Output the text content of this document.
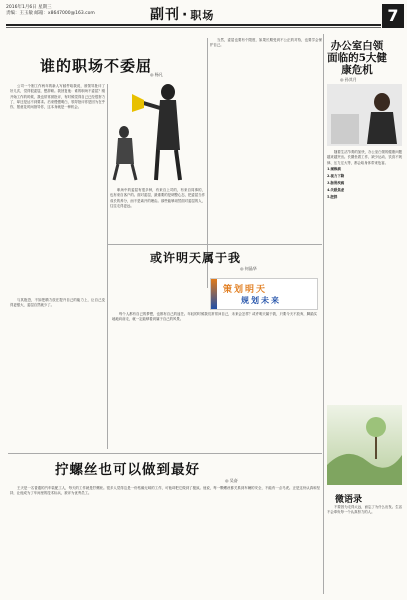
2016年1月6日 星期三
责编：王玉敏 邮箱：x8647000@163.com	副刊 · 职场	7
谁的职场不委屈
◎ 杨凡

公司一个刚工作两年的新人写邮件给我说，被领导批评了好几次，觉得很委屈，想辞职。我回复他：谁的职场不委屈？刚开始工作的时候，我也常常被批评，有时候觉得自己已经很努力了，却还是达不到要求。后来慢慢明白，领导批评你是因为在乎你，愿意花时间指导你，这本身就是一种机会。

职场中的委屈有很多种，有来自上司的，有来自同事的，也有来自客户的。面对委屈，最重要的是调整心态，把委屈当作成长的养分，而不是离开的理由。那些能够坦然面对委屈的人，往往走得更远。

当然，委屈也要有个限度，如果长期受到不公正的对待，也要学会保护自己。

与其抱怨，不如把精力放在提升自己的能力上，让自己变得更强大，委屈自然就少了。

或许明天属于我
◎ 何晶华
策划明天
规划未来

每个人都有自己的梦想，也都有自己的迷茫。年轻的时候我们常常问自己，未来会怎样？或许明天属于我，只要今天不放弃，脚踏实地地向前走，就一定能够看到属于自己的风景。

拧螺丝也可以做到最好
◎ 吴奋

王天是一名普通的汽车装配工人，每天的工作就是拧螺丝。很多人觉得这是一份枯燥无味的工作，可他却把它做到了极致。他说，每一颗螺丝都关系到车辆的安全，不能有一点马虎。正是这份认真和坚持，让他成为了车间里的技术标兵，被评为优秀员工。

办公室白领面临的5大健康危机
◎ 孙其月

随着生活节奏的加快，办公室白领的健康问题越来越突出。长期坐着工作、缺少运动、饮食不规律、压力过大等，都会给身体带来危害。

1.颈椎病

2.视力下降

3.肠胃疾病

4.失眠焦虑

5.肥胖

微语录

不要因为走得太远，而忘了为什么出发。生活不会辜负每一个认真努力的人。
